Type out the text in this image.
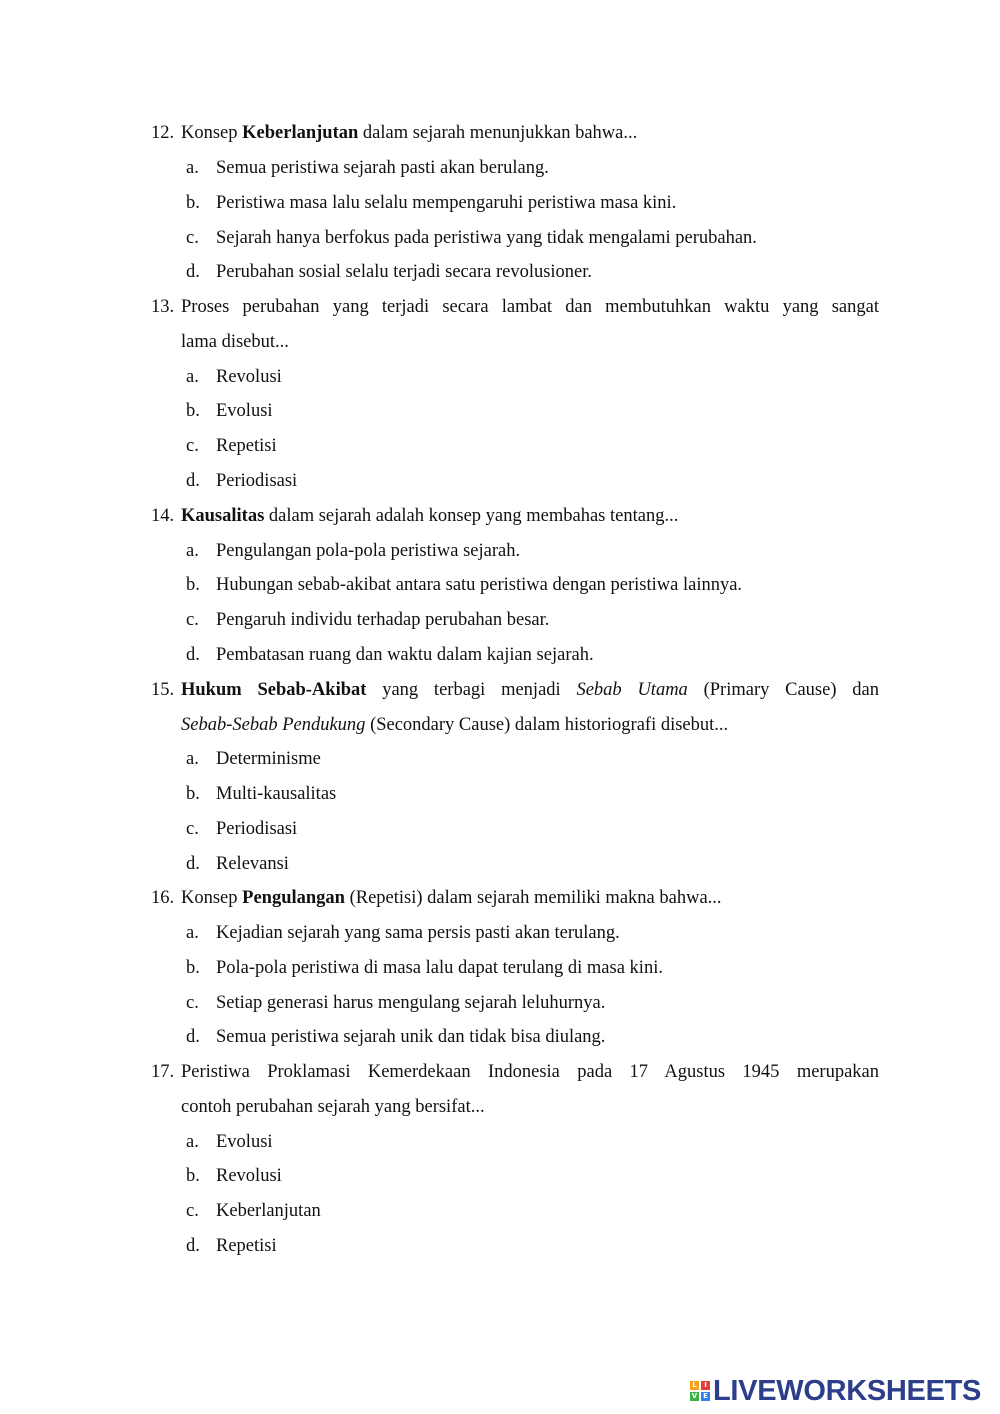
12. Konsep Keberlanjutan dalam sejarah menunjukkan bahwa...
a. Semua peristiwa sejarah pasti akan berulang.
b. Peristiwa masa lalu selalu mempengaruhi peristiwa masa kini.
c. Sejarah hanya berfokus pada peristiwa yang tidak mengalami perubahan.
d. Perubahan sosial selalu terjadi secara revolusioner.
13. Proses perubahan yang terjadi secara lambat dan membutuhkan waktu yang sangat
lama disebut...
a. Revolusi
b. Evolusi
c. Repetisi
d. Periodisasi
14. Kausalitas dalam sejarah adalah konsep yang membahas tentang...
a. Pengulangan pola-pola peristiwa sejarah.
b. Hubungan sebab-akibat antara satu peristiwa dengan peristiwa lainnya.
c. Pengaruh individu terhadap perubahan besar.
d. Pembatasan ruang dan waktu dalam kajian sejarah.
15. Hukum Sebab-Akibat yang terbagi menjadi Sebab Utama (Primary Cause) dan
Sebab-Sebab Pendukung (Secondary Cause) dalam historiografi disebut...
a. Determinisme
b. Multi-kausalitas
c. Periodisasi
d. Relevansi
16. Konsep Pengulangan (Repetisi) dalam sejarah memiliki makna bahwa...
a. Kejadian sejarah yang sama persis pasti akan terulang.
b. Pola-pola peristiwa di masa lalu dapat terulang di masa kini.
c. Setiap generasi harus mengulang sejarah leluhurnya.
d. Semua peristiwa sejarah unik dan tidak bisa diulang.
17. Peristiwa Proklamasi Kemerdekaan Indonesia pada 17 Agustus 1945 merupakan
contoh perubahan sejarah yang bersifat...
a. Evolusi
b. Revolusi
c. Keberlanjutan
d. Repetisi
L	I
V E LIVEWORKSHEETS
